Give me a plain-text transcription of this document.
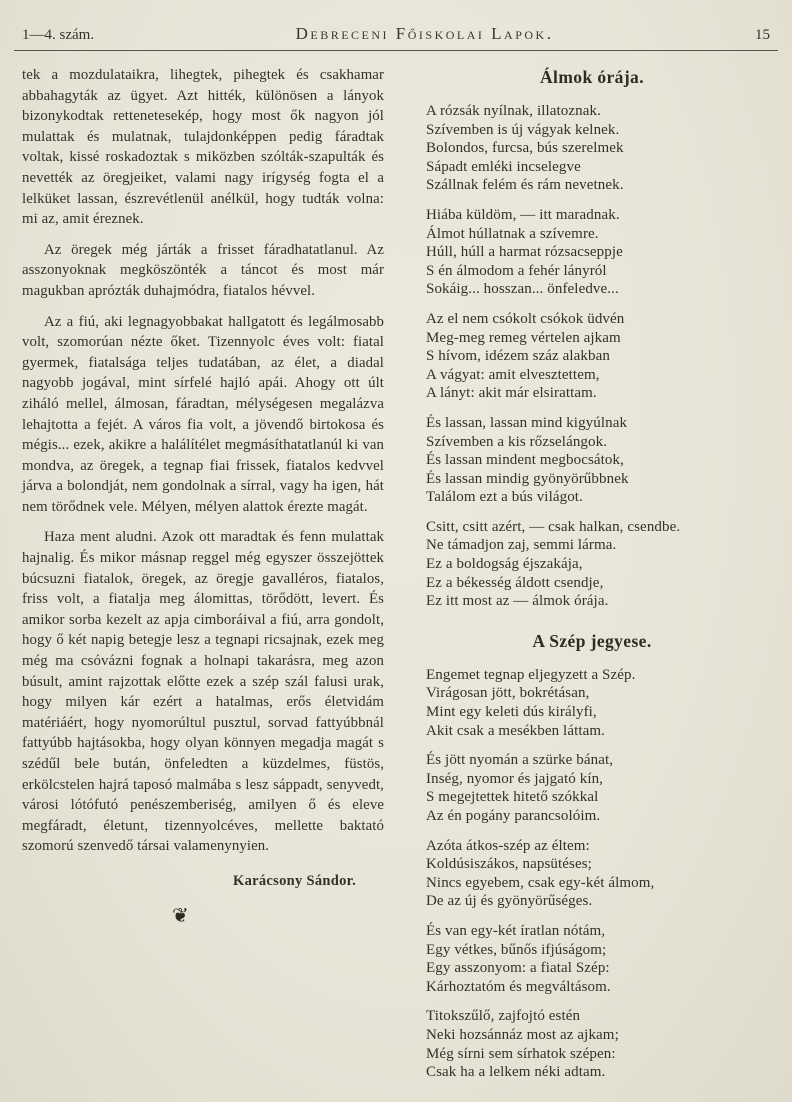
1—4. szám.	Debreceni Főiskolai Lapok.	15

tek a mozdulataikra, lihegtek, pihegtek és csakhamar abbahagyták az ügyet. Azt hitték, különösen a lányok bizonykodtak rettenetesekép, hogy most ők nagyon jól mulattak és mulatnak, tulajdonképpen pedig fáradtak voltak, kissé roskadoztak s miközben szólták-szapulták és nevették az öregjeiket, valami nagy irígység fogta el a lelküket lassan, észrevétlenül anélkül, hogy tudták volna: mi az, amit éreznek.

Az öregek még járták a frisset fáradhatatlanul. Az asszonyoknak megköszönték a táncot és most már magukban aprózták duhajmódra, fiatalos hévvel.

Az a fiú, aki legnagyobbakat hallgatott és legálmosabb volt, szomorúan nézte őket. Tizennyolc éves volt: fiatal gyermek, fiatalsága teljes tudatában, az élet, a diadal nagyobb jogával, mint sírfelé hajló apái. Ahogy ott últ ziháló mellel, álmosan, fáradtan, mélységesen megalázva lehajtotta a fejét. A város fia volt, a jövendő birtokosa és mégis... ezek, akikre a halálítélet megmásíthatatlanúl ki van mondva, az öregek, a tegnap fiai frissek, fiatalos kedvvel járva a bolondját, nem gondolnak a sírral, vagy ha igen, hát nem törődnek vele. Mélyen, mélyen alattok érezte magát.

Haza ment aludni. Azok ott maradtak és fenn mulattak hajnalig. És mikor másnap reggel még egyszer összejöttek búcsuzni fiatalok, öregek, az öregje gavalléros, fiatalos, friss volt, a fiatalja meg álomittas, törődött, levert. És amikor sorba kezelt az apja cimboráival a fiú, arra gondolt, hogy ő két napig betegje lesz a tegnapi ricsajnak, ezek meg még ma csóvázni fognak a holnapi takarásra, meg azon búsult, amint rajzottak előtte ezek a szép szál falusi urak, hogy milyen kár ezért a hatalmas, erős életvidám matériáért, hogy nyomorúltul pusztul, sorvad fattyúbbnál fattyúbb hajtásokba, hogy olyan könnyen megadja magát s szédűl bele bután, önfeledten a küzdelmes, füstös, erkölcstelen hajrá taposó malmába s lesz sáppadt, senyvedt, városi lótófutó penészemberiség, amilyen ő és eleve megfáradt, életunt, tizennyolcéves, mellette baktató szomorú szenvedő társai valamenynyien.

Karácsony Sándor.
❦
Álmok órája.
A rózsák nyílnak, illatoznak.
Szívemben is új vágyak kelnek.
Bolondos, furcsa, bús szerelmek
Sápadt emléki incselegve
Szállnak felém és rám nevetnek.
Hiába küldöm, — itt maradnak.
Álmot húllatnak a szívemre.
Húll, húll a harmat rózsacseppje
S én álmodom a fehér lányról
Sokáig... hosszan... önfeledve...
Az el nem csókolt csókok üdvén
Meg-meg remeg vértelen ajkam
S hívom, idézem száz alakban
A vágyat: amit elvesztettem,
A lányt: akit már elsirattam.
És lassan, lassan mind kigyúlnak
Szívemben a kis rőzselángok.
És lassan mindent megbocsátok,
És lassan mindig gyönyörűbbnek
Találom ezt a bús világot.
Csitt, csitt azért, — csak halkan, csendbe.
Ne támadjon zaj, semmi lárma.
Ez a boldogság éjszakája,
Ez a békesség áldott csendje,
Ez itt most az — álmok órája.
A Szép jegyese.
Engemet tegnap eljegyzett a Szép.
Virágosan jött, bokrétásan,
Mint egy keleti dús királyfi,
Akit csak a mesékben láttam.
És jött nyomán a szürke bánat,
Inség, nyomor és jajgató kín,
S megejtettek hitető szókkal
Az én pogány parancsolóim.
Azóta átkos-szép az éltem:
Koldúsiszákos, napsütéses;
Nincs egyebem, csak egy-két álmom,
De az új és gyönyörűséges.
És van egy-két íratlan nótám,
Egy vétkes, bűnős ifjúságom;
Egy asszonyom: a fiatal Szép:
Kárhoztatóm és megváltásom.
Titokszűlő, zajfojtó estén
Neki hozsánnáz most az ajkam;
Még sírni sem sírhatok szépen:
Csak ha a lelkem néki adtam.
